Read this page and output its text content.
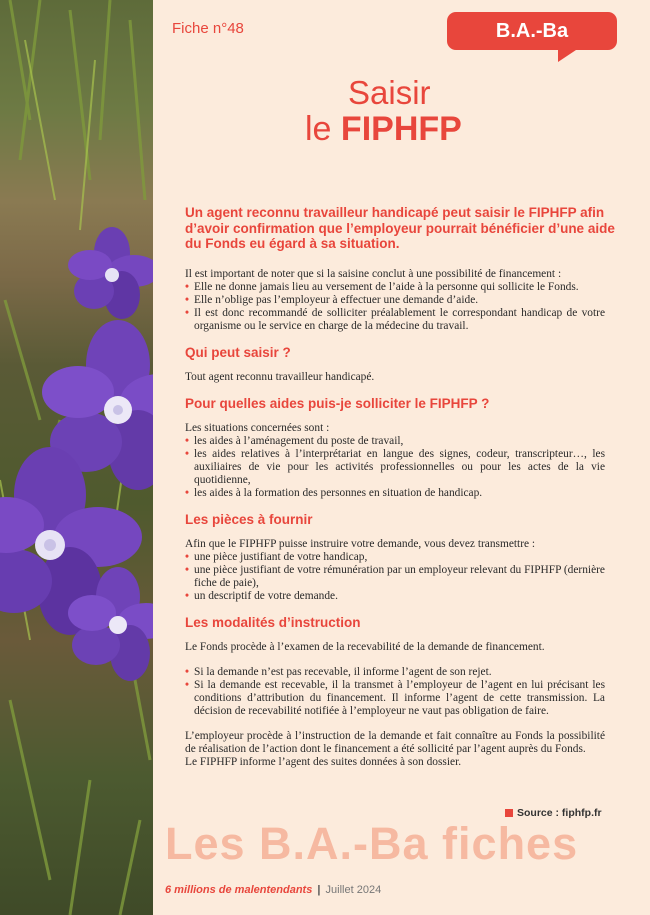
Fiche n°48	B.A.-Ba
Saisir
le FIPHFP
Un agent reconnu travailleur handicapé peut saisir le FIPHFP afin d’avoir confirmation que l’employeur pourrait bénéficier d’une aide du Fonds eu égard à sa situation.

Il est important de noter que si la saisine conclut à une possibilité de financement :

• Elle ne donne jamais lieu au versement de l’aide à la personne qui sollicite le Fonds.
• Elle n’oblige pas l’employeur à effectuer une demande d’aide.
• Il est donc recommandé de solliciter préalablement le correspondant handicap de votre organisme ou le service en charge de la médecine du travail.
Qui peut saisir ?

Tout agent reconnu travailleur handicapé.

Pour quelles aides puis-je solliciter le FIPHFP ?

Les situations concernées sont :

• les aides à l’aménagement du poste de travail,
• les aides relatives à l’interprétariat en langue des signes, codeur, transcripteur…, les auxiliaires de vie pour les activités professionnelles ou pour les actes de la vie quotidienne,
• les aides à la formation des personnes en situation de handicap.
Les pièces à fournir

Afin que le FIPHFP puisse instruire votre demande, vous devez transmettre :

• une pièce justifiant de votre handicap,
• une pièce justifiant de votre rémunération par un employeur relevant du FIPHFP (dernière fiche de paie),
• un descriptif de votre demande.
Les modalités d’instruction

Le Fonds procède à l’examen de la recevabilité de la demande de financement.

• Si la demande n’est pas recevable, il informe l’agent de son rejet.
• Si la demande est recevable, il la transmet à l’employeur de l’agent en lui précisant les conditions d’attribution du financement. Il informe l’agent de cette transmission. La décision de recevabilité notifiée à l’employeur ne vaut pas obligation de faire.

L’employeur procède à l’instruction de la demande et fait connaître au Fonds la possibilité de réalisation de l’action dont le financement a été sollicité par l’agent auprès du Fonds.

Le FIPHFP informe l’agent des suites données à son dossier.

Source : fiphfp.fr
Les B.A.-Ba fiches
6 millions de malentendants | Juillet 2024
